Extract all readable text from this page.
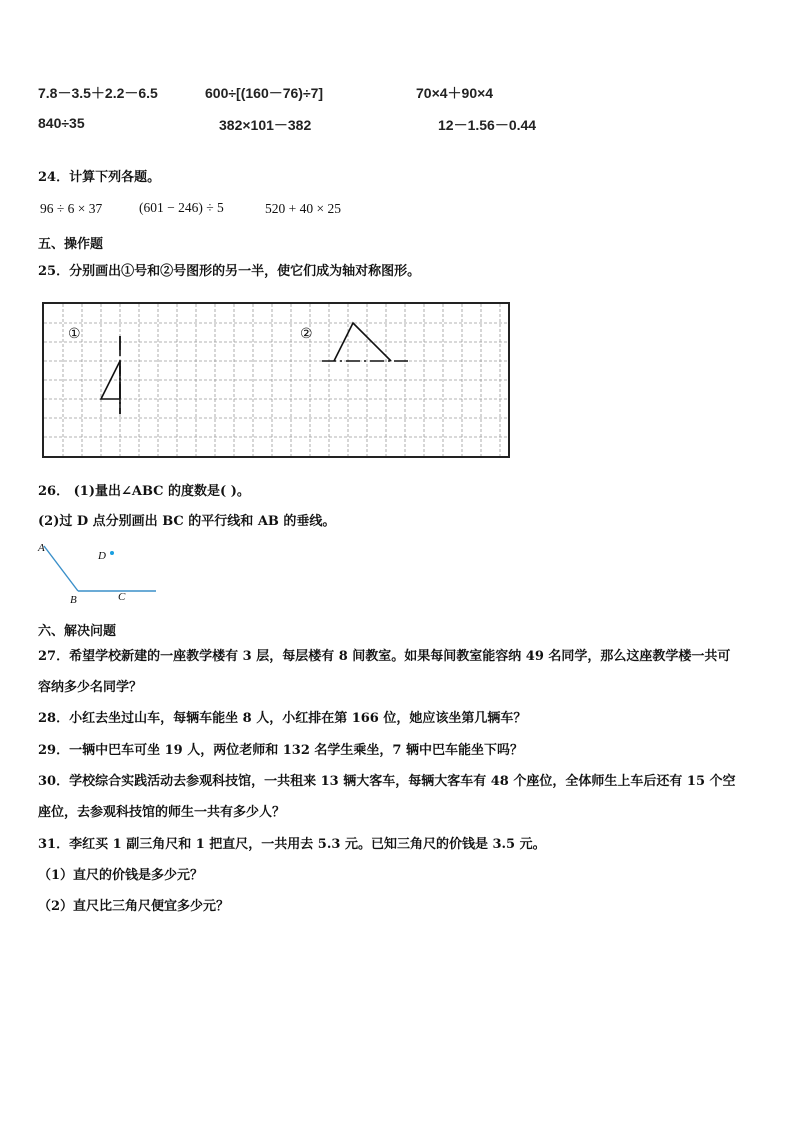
7.8－3.5＋2.2－6.5	600÷[(160－76)÷7]	70×4＋90×4
840÷35	382×101－382	12－1.56－0.44
24．计算下列各题。
96 ÷ 6 × 37	(601 − 246) ÷ 5	520 + 40 × 25
五、操作题
25．分别画出①号和②号图形的另一半，使它们成为轴对称图形。
①	②
26． (1)量出∠ABC 的度数是( )。
(2)过 D 点分别画出 BC 的平行线和 AB 的垂线。
A
D
B	C
六、解决问题
27．希望学校新建的一座教学楼有 3 层，每层楼有 8 间教室。如果每间教室能容纳 49 名同学，那么这座教学楼一共可
容纳多少名同学？
28．小红去坐过山车，每辆车能坐 8 人，小红排在第 166 位，她应该坐第几辆车？
29．一辆中巴车可坐 19 人，两位老师和 132 名学生乘坐，7 辆中巴车能坐下吗？
30．学校综合实践活动去参观科技馆，一共租来 13 辆大客车，每辆大客车有 48 个座位，全体师生上车后还有 15 个空
座位，去参观科技馆的师生一共有多少人？
31．李红买 1 副三角尺和 1 把直尺，一共用去 5.3 元。已知三角尺的价钱是 3.5 元。
（1）直尺的价钱是多少元？
（2）直尺比三角尺便宜多少元？
